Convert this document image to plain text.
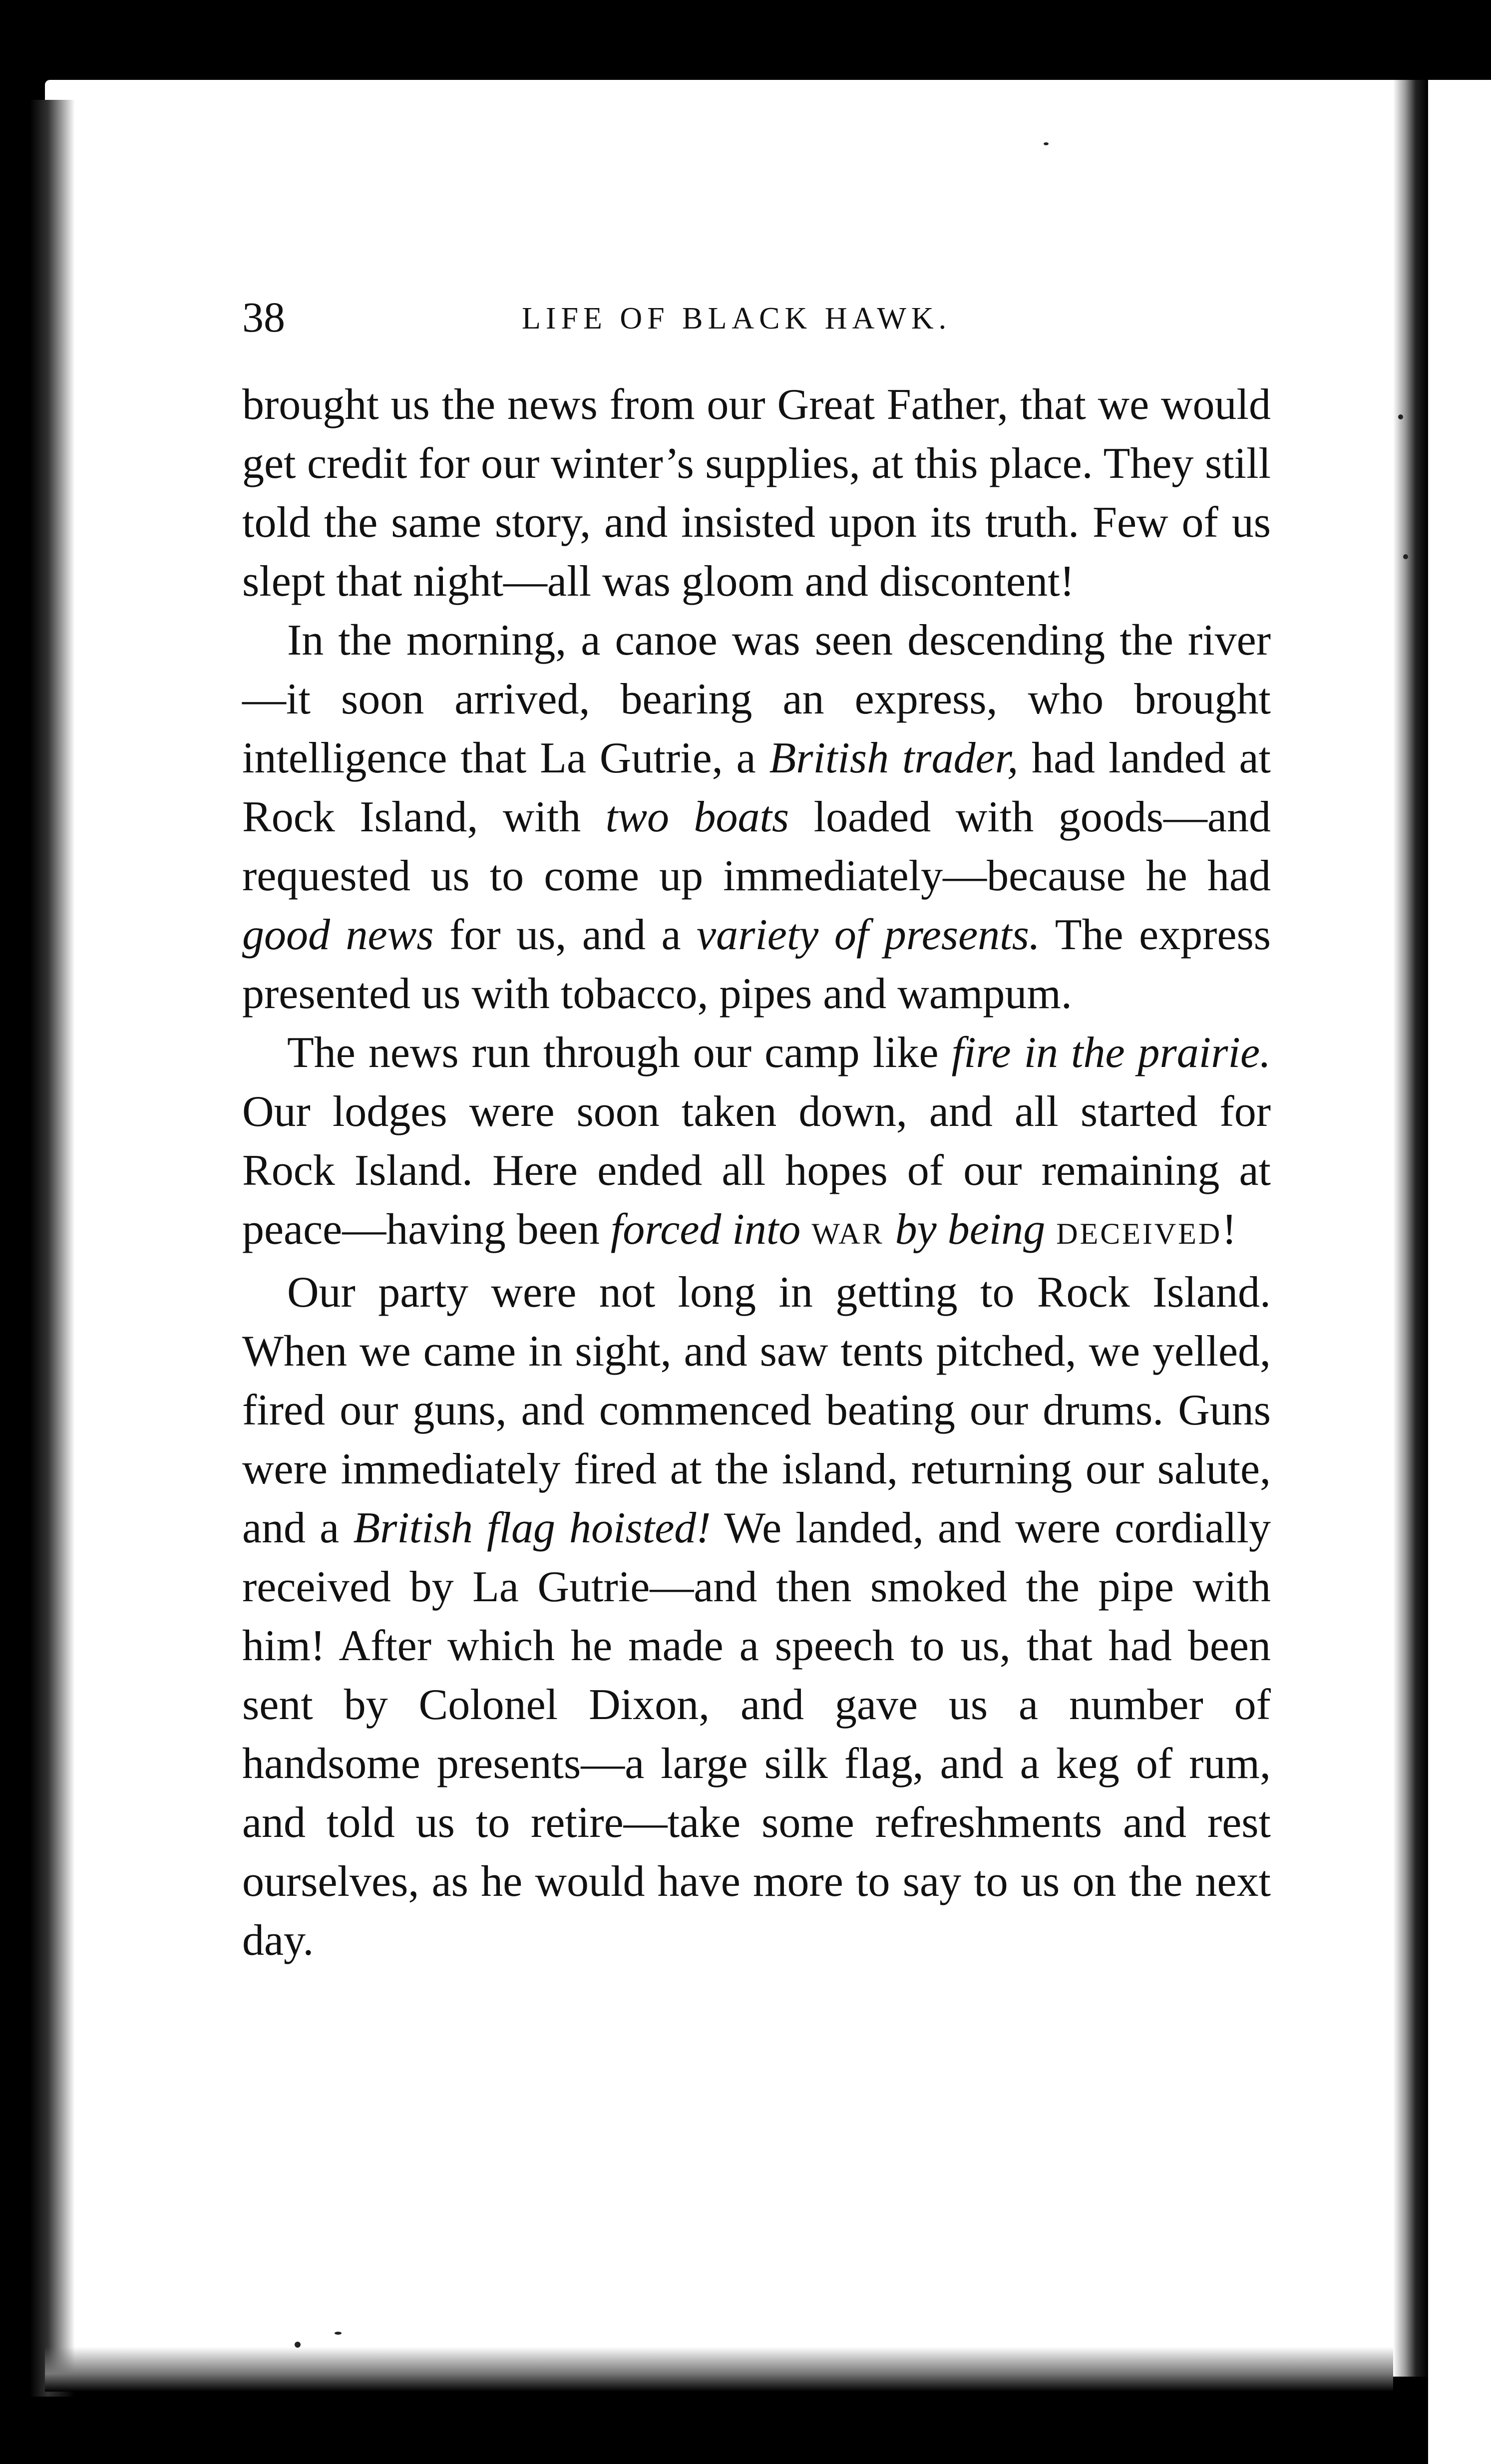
38	LIFE OF BLACK HAWK.

brought us the news from our Great Father, that we would get credit for our winter’s supplies, at this place. They still told the same story, and insisted upon its truth. Few of us slept that night—all was gloom and discontent!

In the morning, a canoe was seen descending the river—it soon arrived, bearing an express, who brought intelligence that La Gutrie, a British trader, had landed at Rock Island, with two boats loaded with goods—and requested us to come up immediately—because he had good news for us, and a variety of presents. The express presented us with tobacco, pipes and wampum.

The news run through our camp like fire in the prairie. Our lodges were soon taken down, and all started for Rock Island. Here ended all hopes of our remaining at peace—having been forced into WAR by being DECEIVED!

Our party were not long in getting to Rock Island. When we came in sight, and saw tents pitched, we yelled, fired our guns, and commenced beating our drums. Guns were immediately fired at the island, returning our salute, and a British flag hoisted! We landed, and were cordially received by La Gutrie—and then smoked the pipe with him! After which he made a speech to us, that had been sent by Colonel Dixon, and gave us a number of handsome presents—a large silk flag, and a keg of rum, and told us to retire—take some refreshments and rest ourselves, as he would have more to say to us on the next day.
